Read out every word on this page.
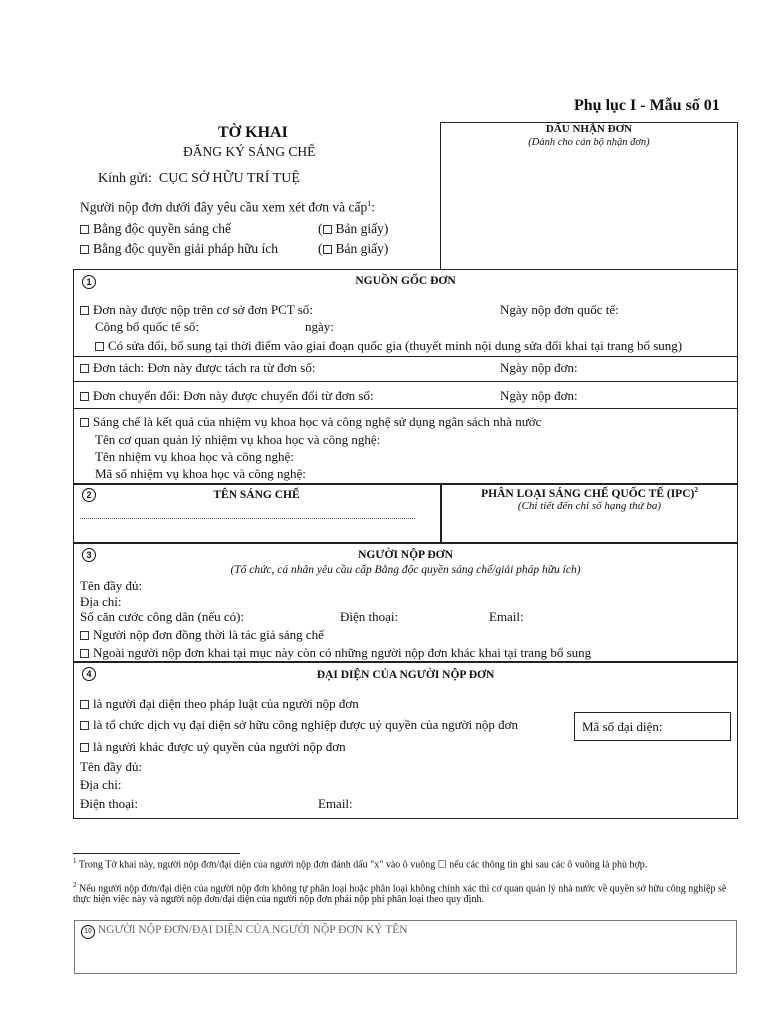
Phụ lục I - Mẫu số 01
TỜ KHAI
ĐĂNG KÝ SÁNG CHẾ
Kính gửi: CỤC SỞ HỮU TRÍ TUỆ
Người nộp đơn dưới đây yêu cầu xem xét đơn và cấp$^1$:
Bằng độc quyền sáng chế	( Bản giấy)
Bằng độc quyền giải pháp hữu ích	( Bản giấy)
DẤU NHẬN ĐƠN
(Dành cho cán bộ nhận đơn)
1	NGUỒN GỐC ĐƠN
Đơn này được nộp trên cơ sở đơn PCT số:	Ngày nộp đơn quốc tế:
Công bố quốc tế số:	ngày:
Có sửa đổi, bổ sung tại thời điểm vào giai đoạn quốc gia (thuyết minh nội dung sửa đổi khai tại trang bổ sung)
Đơn tách: Đơn này được tách ra từ đơn số:	Ngày nộp đơn:
Đơn chuyển đổi: Đơn này được chuyển đổi từ đơn số:	Ngày nộp đơn:
Sáng chế là kết quả của nhiệm vụ khoa học và công nghệ sử dụng ngân sách nhà nước
Tên cơ quan quản lý nhiệm vụ khoa học và công nghệ:
Tên nhiệm vụ khoa học và công nghệ:
Mã số nhiệm vụ khoa học và công nghệ:
2	TÊN SÁNG CHẾ	PHÂN LOẠI SÁNG CHẾ QUỐC TẾ (IPC)$^2$
(Chỉ tiết đến chỉ số hạng thứ ba)
3	NGƯỜI NỘP ĐƠN
(Tổ chức, cá nhân yêu cầu cấp Bằng độc quyền sáng chế/giải pháp hữu ích)
Tên đầy đủ:
Địa chỉ:
Số căn cước công dân (nếu có):	Điện thoại:	Email:
Người nộp đơn đồng thời là tác giả sáng chế
Ngoài người nộp đơn khai tại mục này còn có những người nộp đơn khác khai tại trang bổ sung
4	ĐẠI DIỆN CỦA NGƯỜI NỘP ĐƠN
là người đại diện theo pháp luật của người nộp đơn
là tổ chức dịch vụ đại diện sở hữu công nghiệp được uỷ quyền của người nộp đơn	Mã số đại diện:
là người khác được uỷ quyền của người nộp đơn
Tên đầy đủ:
Địa chỉ:
Điện thoại:	Email:
$^1$ Trong Tờ khai này, người nộp đơn/đại diện của người nộp đơn đánh dấu "x" vào ô vuông ☐ nếu các thông tin ghi sau các ô vuông là phù hợp.
$^2$ Nếu người nộp đơn/đại diện của người nộp đơn không tự phân loại hoặc phân loại không chính xác thì cơ quan quản lý nhà nước về quyền sở hữu công nghiệp sẽ thực hiện việc này và người nộp đơn/đại diện của người nộp đơn phải nộp phí phân loại theo quy định.
10 NGƯỜI NỘP ĐƠN/ĐẠI DIỆN CỦA NGƯỜI NỘP ĐƠN KÝ TÊN
